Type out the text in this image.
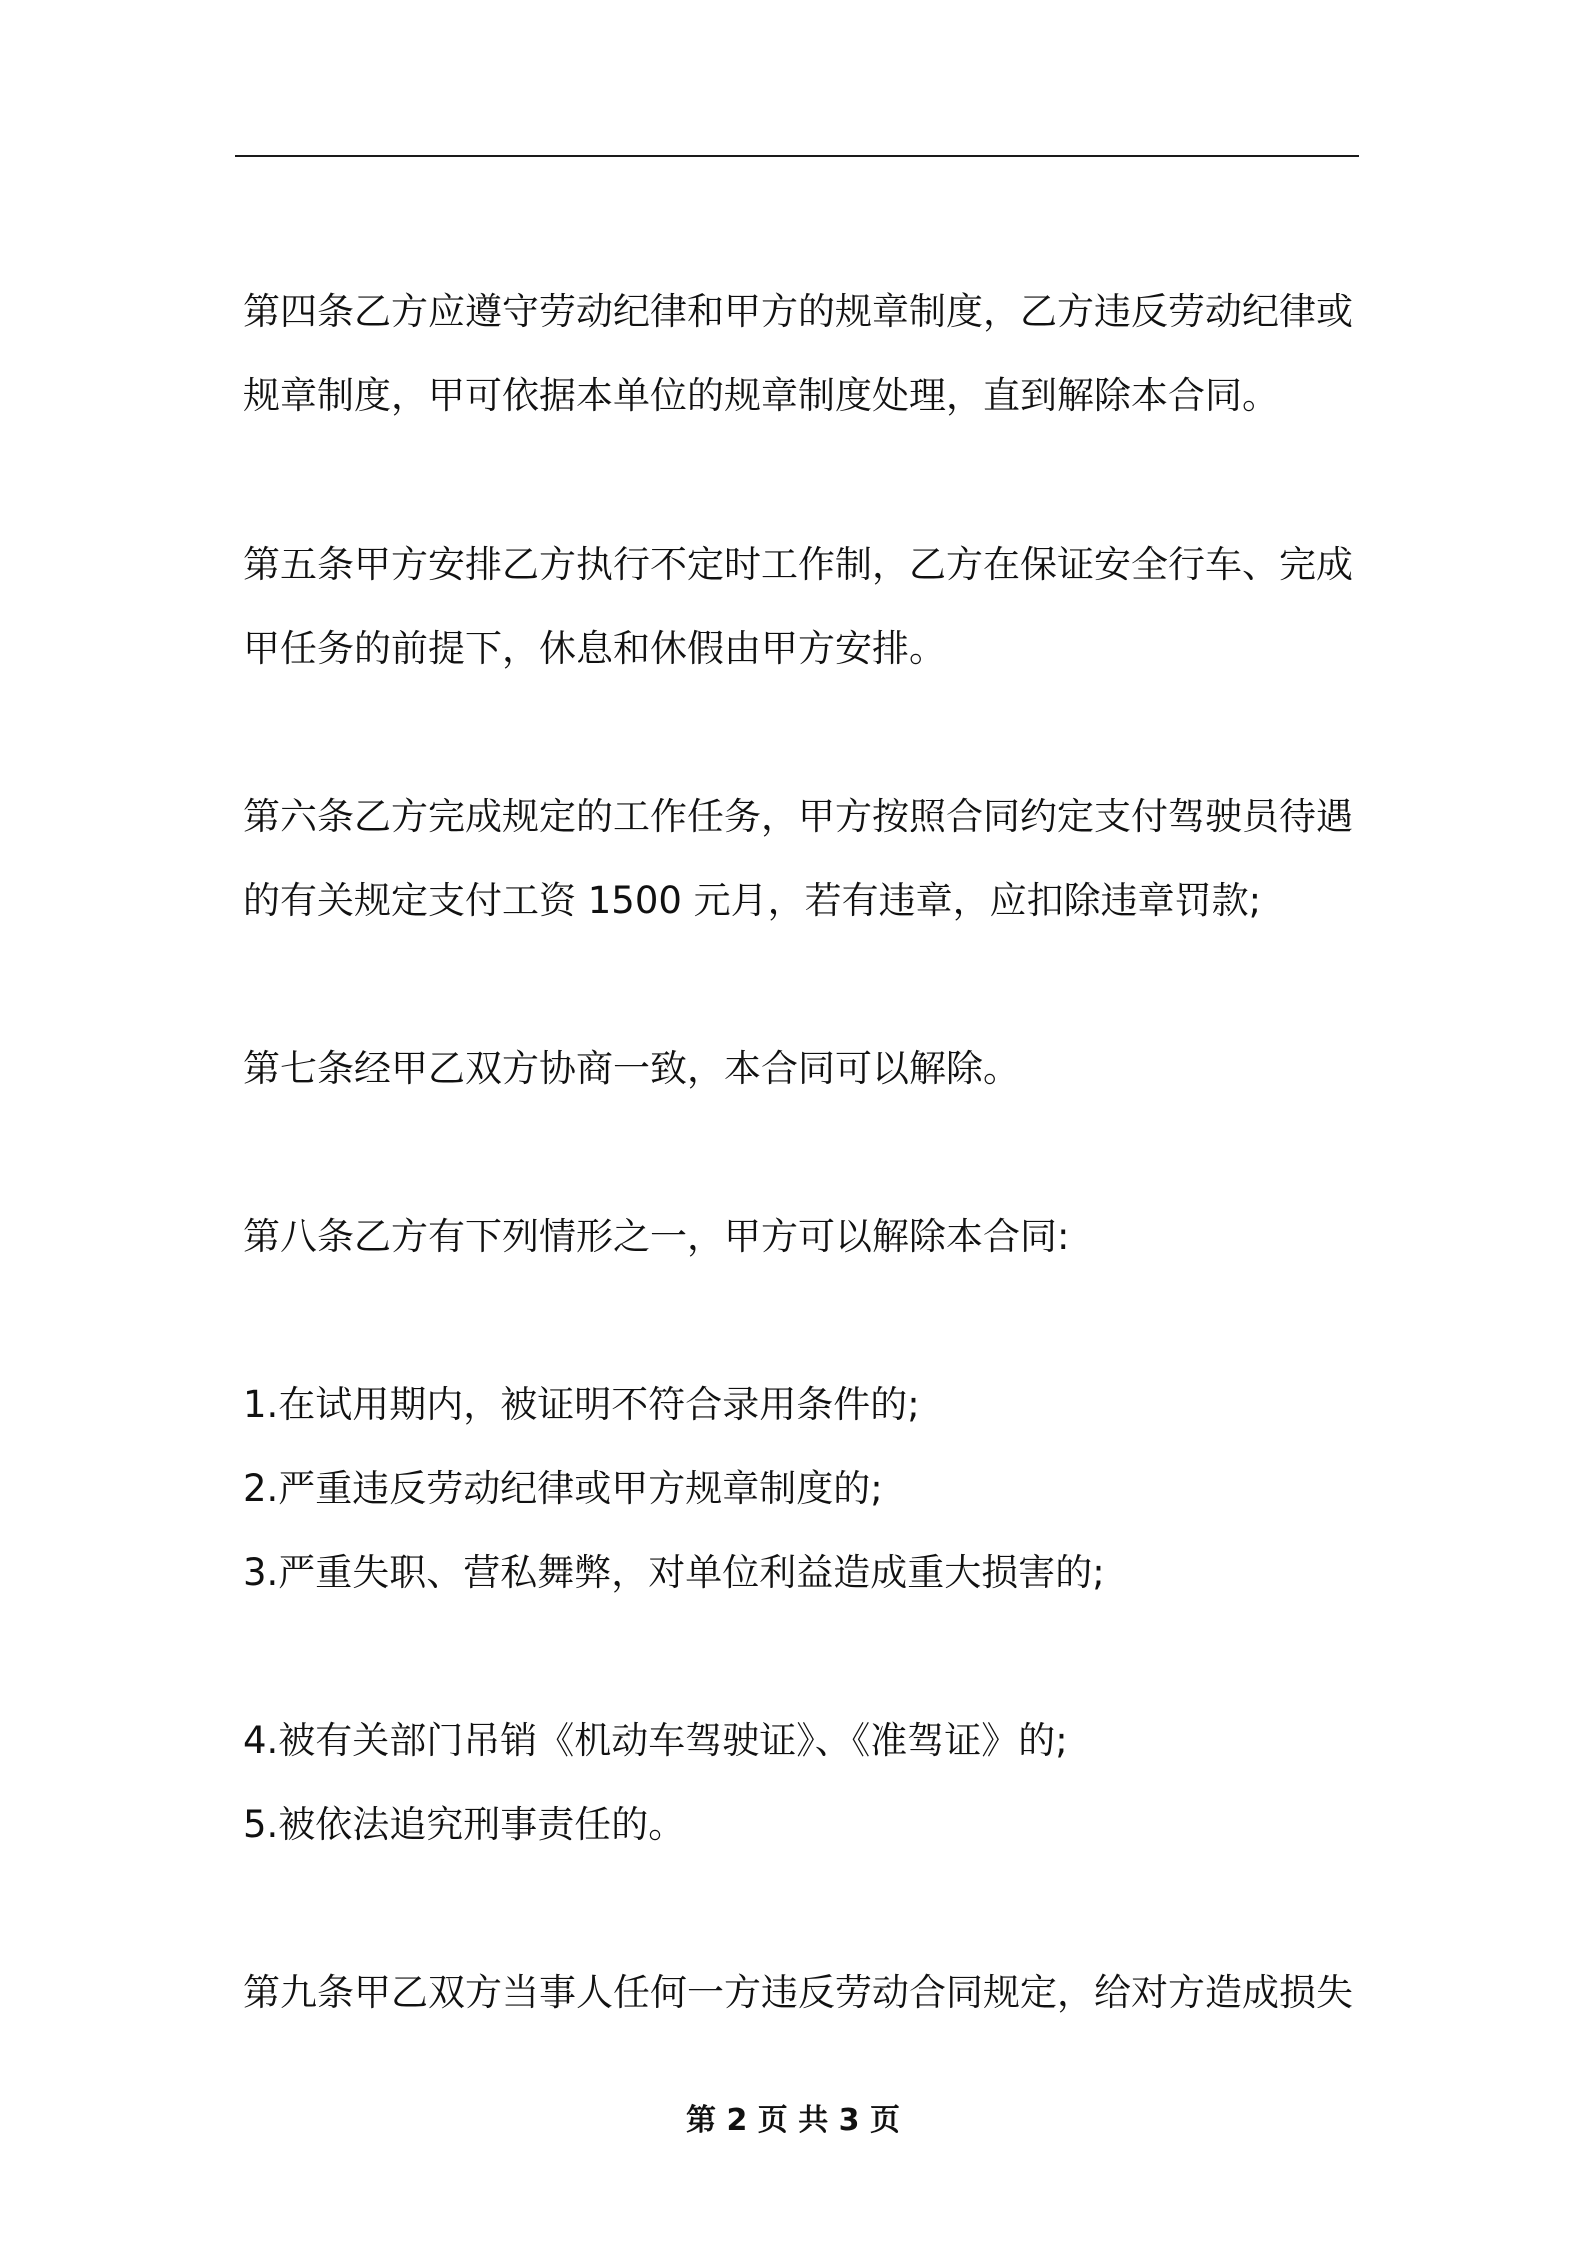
第四条乙方应遵守劳动纪律和甲方的规章制度，乙方违反劳动纪律或
规章制度，甲可依据本单位的规章制度处理，直到解除本合同。
第五条甲方安排乙方执行不定时工作制，乙方在保证安全行车、完成
甲任务的前提下，休息和休假由甲方安排。
第六条乙方完成规定的工作任务，甲方按照合同约定支付驾驶员待遇
的有关规定支付工资 1500 元月，若有违章，应扣除违章罚款;
第七条经甲乙双方协商一致，本合同可以解除。
第八条乙方有下列情形之一，甲方可以解除本合同:
1.在试用期内，被证明不符合录用条件的;
2.严重违反劳动纪律或甲方规章制度的;
3.严重失职、营私舞弊，对单位利益造成重大损害的;
4.被有关部门吊销《机动车驾驶证》、《准驾证》的;
5.被依法追究刑事责任的。
第九条甲乙双方当事人任何一方违反劳动合同规定，给对方造成损失
第 2 页 共 3 页
